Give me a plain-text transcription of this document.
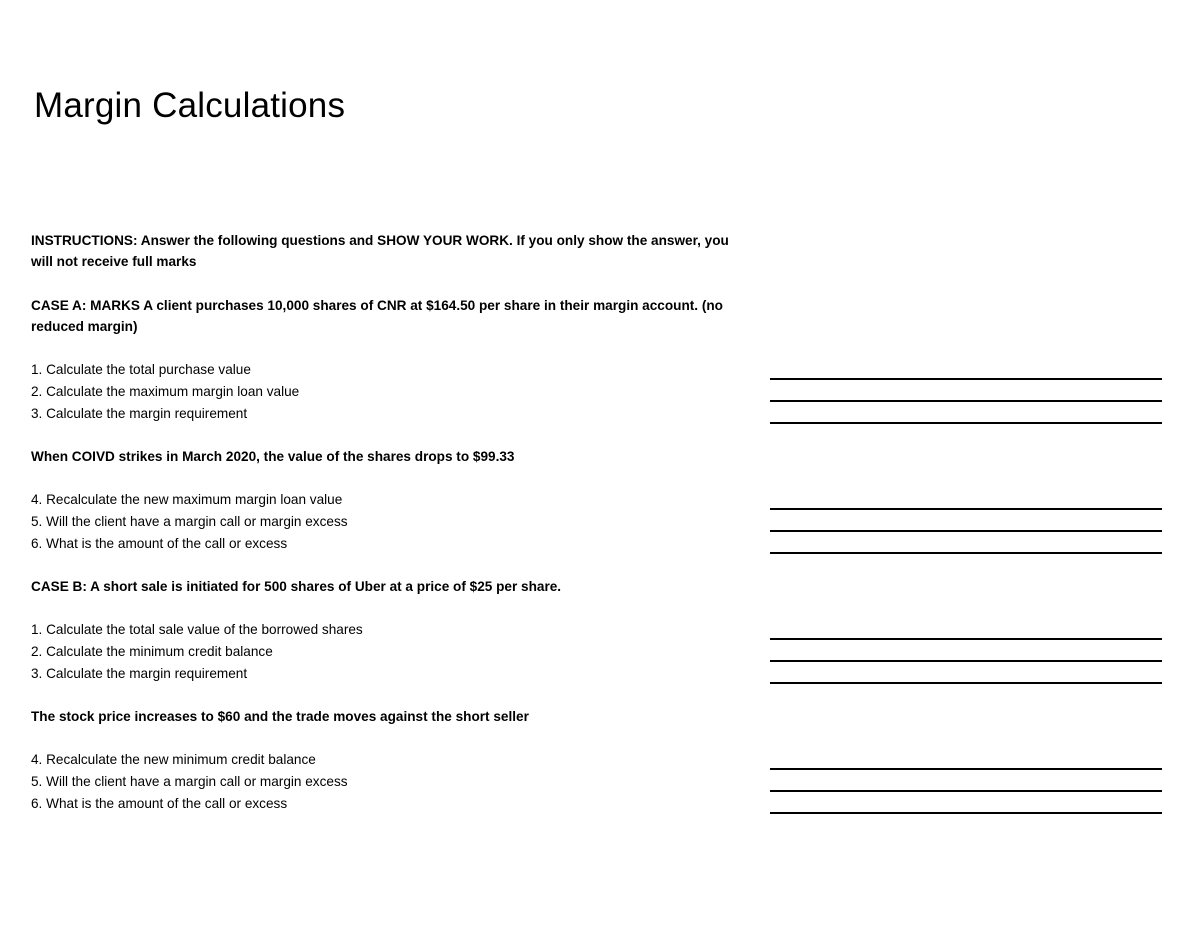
Margin Calculations
INSTRUCTIONS: Answer the following questions and SHOW YOUR WORK. If you only show the answer, you
will not receive full marks
CASE A: MARKS A client purchases 10,000 shares of CNR at $164.50 per share in their margin account. (no
reduced margin)
1. Calculate the total purchase value
2. Calculate the maximum margin loan value
3. Calculate the margin requirement
When COIVD strikes in March 2020, the value of the shares drops to $99.33
4. Recalculate the new maximum margin loan value
5. Will the client have a margin call or margin excess
6. What is the amount of the call or excess
CASE B: A short sale is initiated for 500 shares of Uber at a price of $25 per share.
1. Calculate the total sale value of the borrowed shares
2. Calculate the minimum credit balance
3. Calculate the margin requirement
The stock price increases to $60 and the trade moves against the short seller
4. Recalculate the new minimum credit balance
5. Will the client have a margin call or margin excess
6. What is the amount of the call or excess
